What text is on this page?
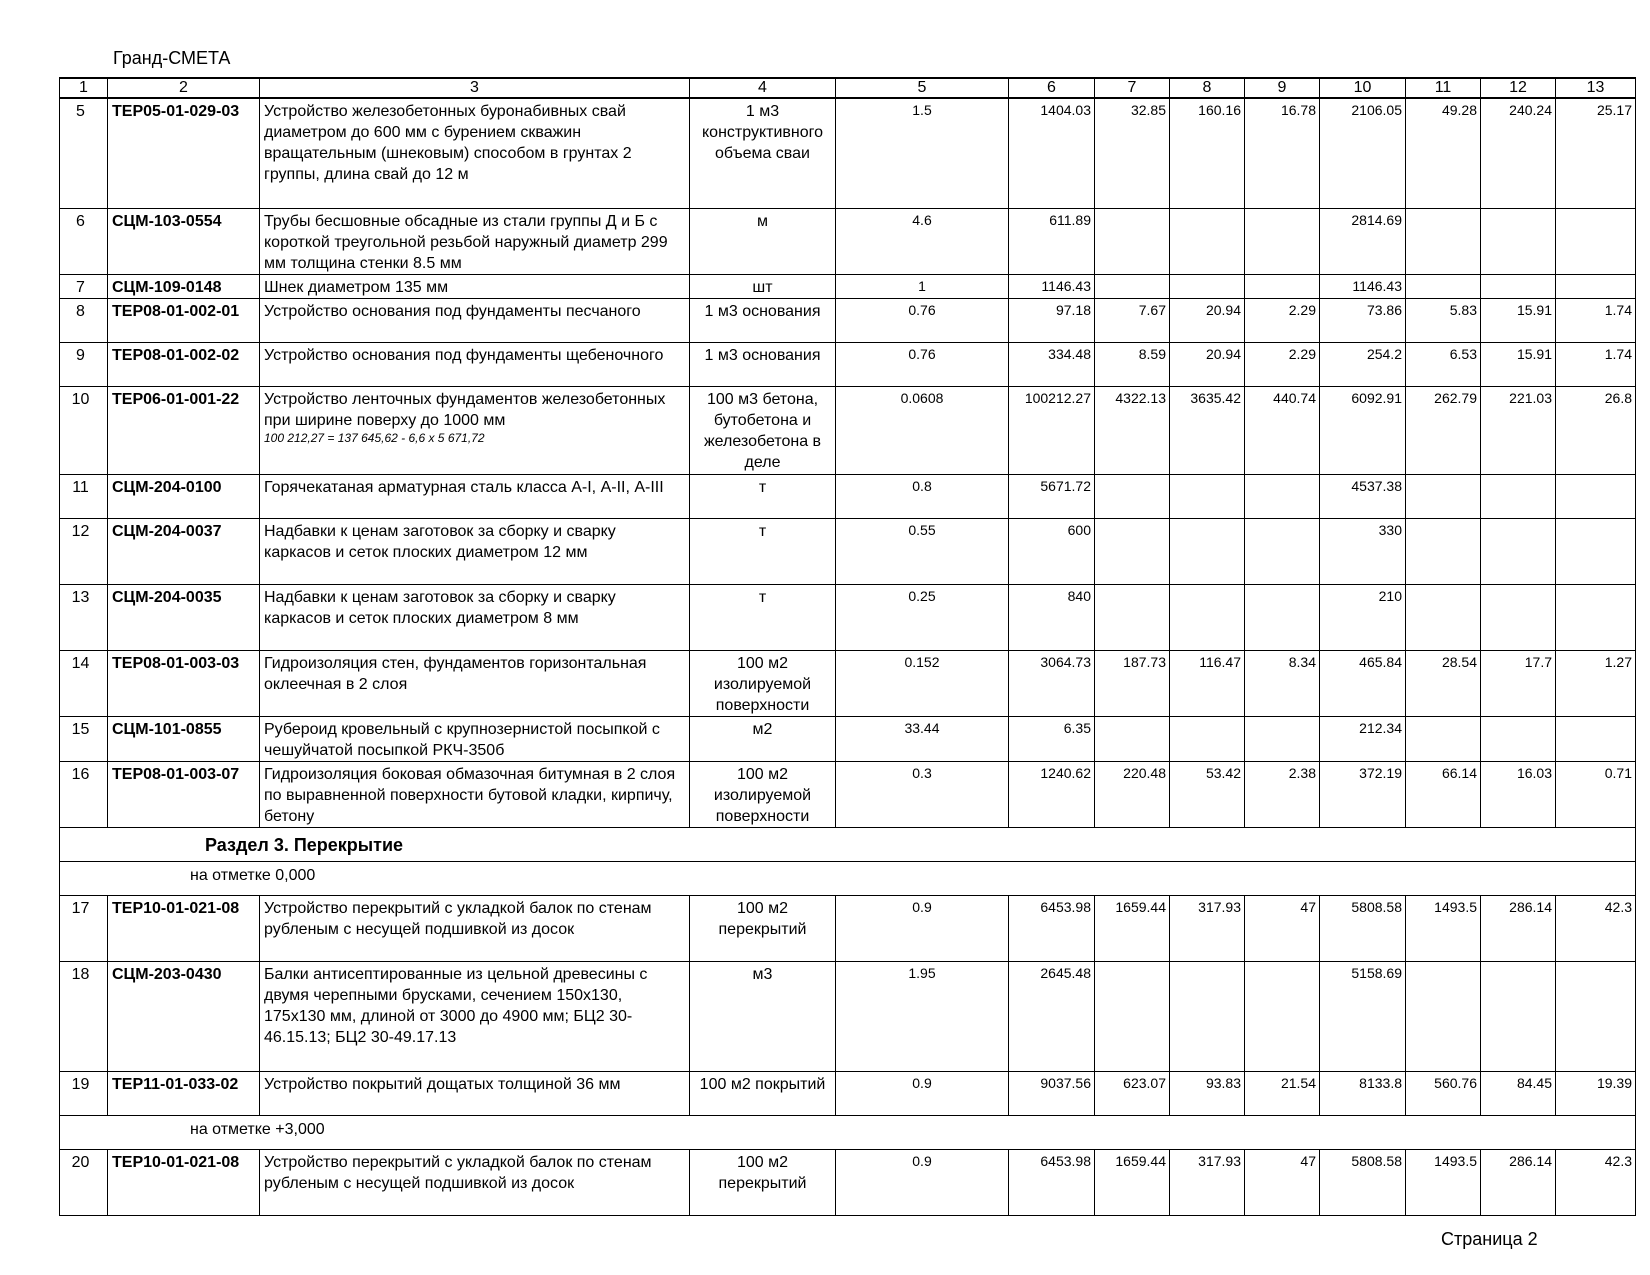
Гранд-СМЕТА
1	2	3	4	5	6	7	8	9	10	11	12	13
5	ТЕР05-01-029-03	Устройство железобетонных буронабивных свай диаметром до 600 мм с бурением скважин вращательным (шнековым) способом в грунтах 2 группы, длина свай до 12 м	1 м3 конструктивного объема сваи	1.5	1404.03	32.85	160.16	16.78	2106.05	49.28	240.24	25.17
6	СЦМ-103-0554	Трубы бесшовные обсадные из стали группы Д и Б с короткой треугольной резьбой наружный диаметр 299 мм толщина стенки 8.5 мм	м	4.6	611.89				2814.69			
7	СЦМ-109-0148	Шнек диаметром 135 мм	шт	1	1146.43				1146.43			
8	ТЕР08-01-002-01	Устройство основания под фундаменты песчаного	1 м3 основания	0.76	97.18	7.67	20.94	2.29	73.86	5.83	15.91	1.74
9	ТЕР08-01-002-02	Устройство основания под фундаменты щебеночного	1 м3 основания	0.76	334.48	8.59	20.94	2.29	254.2	6.53	15.91	1.74
10	ТЕР06-01-001-22	Устройство ленточных фундаментов железобетонных при ширине поверху до 1000 мм
100 212,27 = 137 645,62 - 6,6 x 5 671,72	100 м3 бетона, бутобетона и железобетона в деле	0.0608	100212.27	4322.13	3635.42	440.74	6092.91	262.79	221.03	26.8
11	СЦМ-204-0100	Горячекатаная арматурная сталь класса А-I, А-II, А-III	т	0.8	5671.72				4537.38			
12	СЦМ-204-0037	Надбавки к ценам заготовок за сборку и сварку каркасов и сеток плоских диаметром 12 мм	т	0.55	600				330			
13	СЦМ-204-0035	Надбавки к ценам заготовок за сборку и сварку каркасов и сеток плоских диаметром 8 мм	т	0.25	840				210			
14	ТЕР08-01-003-03	Гидроизоляция стен, фундаментов горизонтальная оклеечная в 2 слоя	100 м2 изолируемой поверхности	0.152	3064.73	187.73	116.47	8.34	465.84	28.54	17.7	1.27
15	СЦМ-101-0855	Рубероид кровельный с крупнозернистой посыпкой с чешуйчатой посыпкой РКЧ-350б	м2	33.44	6.35				212.34			
16	ТЕР08-01-003-07	Гидроизоляция боковая обмазочная битумная в 2 слоя по выравненной поверхности бутовой кладки, кирпичу, бетону	100 м2 изолируемой поверхности	0.3	1240.62	220.48	53.42	2.38	372.19	66.14	16.03	0.71
Раздел 3. Перекрытие												
на отметке 0,000												
17	ТЕР10-01-021-08	Устройство перекрытий с укладкой балок по стенам рубленым с несущей подшивкой из досок	100 м2 перекрытий	0.9	6453.98	1659.44	317.93	47	5808.58	1493.5	286.14	42.3
18	СЦМ-203-0430	Балки антисептированные из цельной древесины с двумя черепными брусками, сечением 150х130, 175х130 мм, длиной от 3000 до 4900 мм; БЦ2 30-46.15.13; БЦ2 30-49.17.13	м3	1.95	2645.48				5158.69			
19	ТЕР11-01-033-02	Устройство покрытий дощатых толщиной 36 мм	100 м2 покрытий	0.9	9037.56	623.07	93.83	21.54	8133.8	560.76	84.45	19.39
на отметке +3,000												
20	ТЕР10-01-021-08	Устройство перекрытий с укладкой балок по стенам рубленым с несущей подшивкой из досок	100 м2 перекрытий	0.9	6453.98	1659.44	317.93	47	5808.58	1493.5	286.14	42.3
Страница 2
